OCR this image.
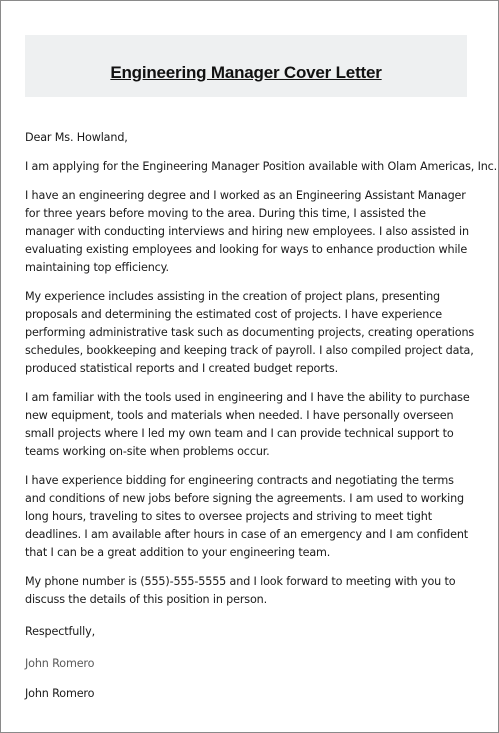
Engineering Manager Cover Letter

Dear Ms. Howland,

I am applying for the Engineering Manager Position available with Olam Americas, Inc.

I have an engineering degree and I worked as an Engineering Assistant Manager for three years before moving to the area. During this time, I assisted the manager with conducting interviews and hiring new employees. I also assisted in evaluating existing employees and looking for ways to enhance production while maintaining top efficiency.

My experience includes assisting in the creation of project plans, presenting proposals and determining the estimated cost of projects. I have experience performing administrative task such as documenting projects, creating operations schedules, bookkeeping and keeping track of payroll. I also compiled project data, produced statistical reports and I created budget reports.

I am familiar with the tools used in engineering and I have the ability to purchase new equipment, tools and materials when needed. I have personally overseen small projects where I led my own team and I can provide technical support to teams working on-site when problems occur.

I have experience bidding for engineering contracts and negotiating the terms and conditions of new jobs before signing the agreements. I am used to working long hours, traveling to sites to oversee projects and striving to meet tight deadlines. I am available after hours in case of an emergency and I am confident that I can be a great addition to your engineering team.

My phone number is (555)-555-5555 and I look forward to meeting with you to discuss the details of this position in person.

Respectfully,

John Romero

John Romero
